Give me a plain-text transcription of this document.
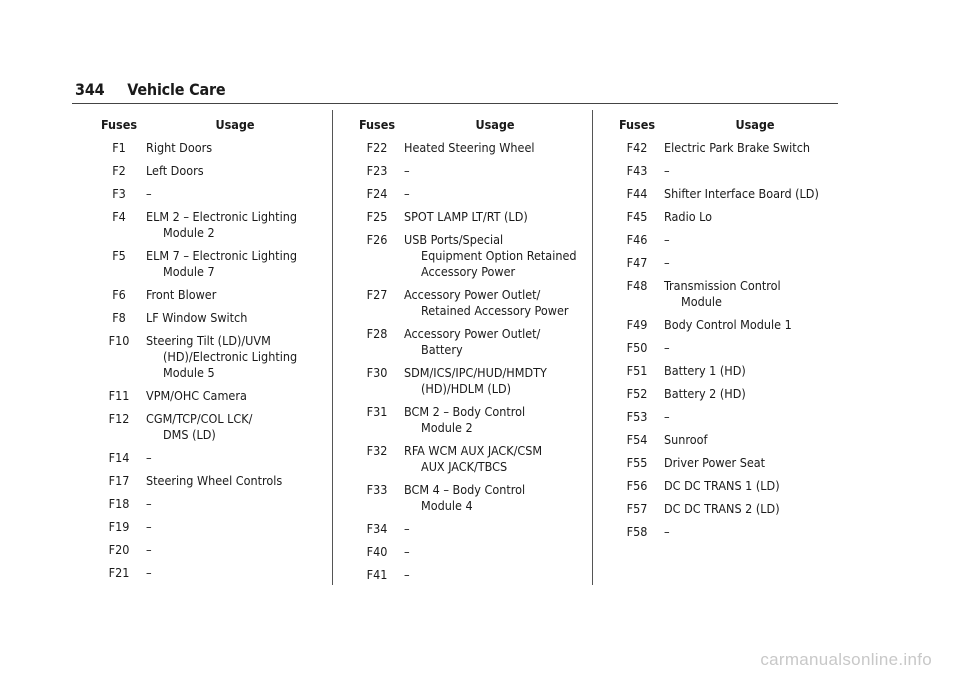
344 Vehicle Care
Fuses	Usage
F1	Right Doors
F2	Left Doors
F3	–
F4	ELM 2 – Electronic Lighting
Module 2
F5	ELM 7 – Electronic Lighting
Module 7
F6	Front Blower
F8	LF Window Switch
F10	Steering Tilt (LD)/UVM
(HD)/Electronic Lighting
Module 5
F11	VPM/OHC Camera
F12	CGM/TCP/COL LCK/
DMS (LD)
F14	–
F17	Steering Wheel Controls
F18	–
F19	–
F20	–
F21	–
Fuses	Usage
F22	Heated Steering Wheel
F23	–
F24	–
F25	SPOT LAMP LT/RT (LD)
F26	USB Ports/Special
Equipment Option Retained
Accessory Power
F27	Accessory Power Outlet/
Retained Accessory Power
F28	Accessory Power Outlet/
Battery
F30	SDM/ICS/IPC/HUD/HMDTY
(HD)/HDLM (LD)
F31	BCM 2 – Body Control
Module 2
F32	RFA WCM AUX JACK/CSM
AUX JACK/TBCS
F33	BCM 4 – Body Control
Module 4
F34	–
F40	–
F41	–
Fuses	Usage
F42	Electric Park Brake Switch
F43	–
F44	Shifter Interface Board (LD)
F45	Radio Lo
F46	–
F47	–
F48	Transmission Control
Module
F49	Body Control Module 1
F50	–
F51	Battery 1 (HD)
F52	Battery 2 (HD)
F53	–
F54	Sunroof
F55	Driver Power Seat
F56	DC DC TRANS 1 (LD)
F57	DC DC TRANS 2 (LD)
F58	–
carmanualsonline.info
